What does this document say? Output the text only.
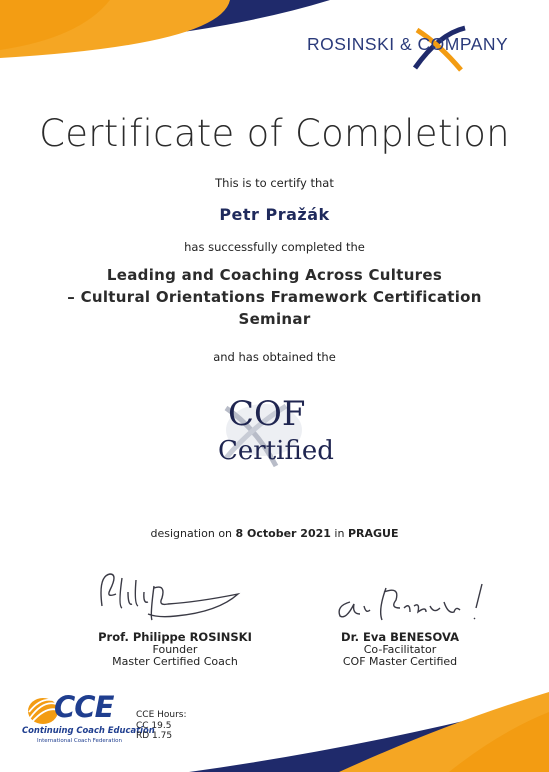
ROSINSKI & COMPANY
Certificate of Completion
This is to certify that
Petr Pražák
has successfully completed the
Leading and Coaching Across Cultures
– Cultural Orientations Framework Certification
Seminar
and has obtained the
COF
Certified
designation on 8 October 2021 in PRAGUE
Prof. Philippe ROSINSKI
Founder
Master Certified Coach
Dr. Eva BENESOVA
Co-Facilitator
COF Master Certified
CCE
Continuing Coach Education
International Coach Federation
CCE Hours:
CC 19.5
RD 1.75
